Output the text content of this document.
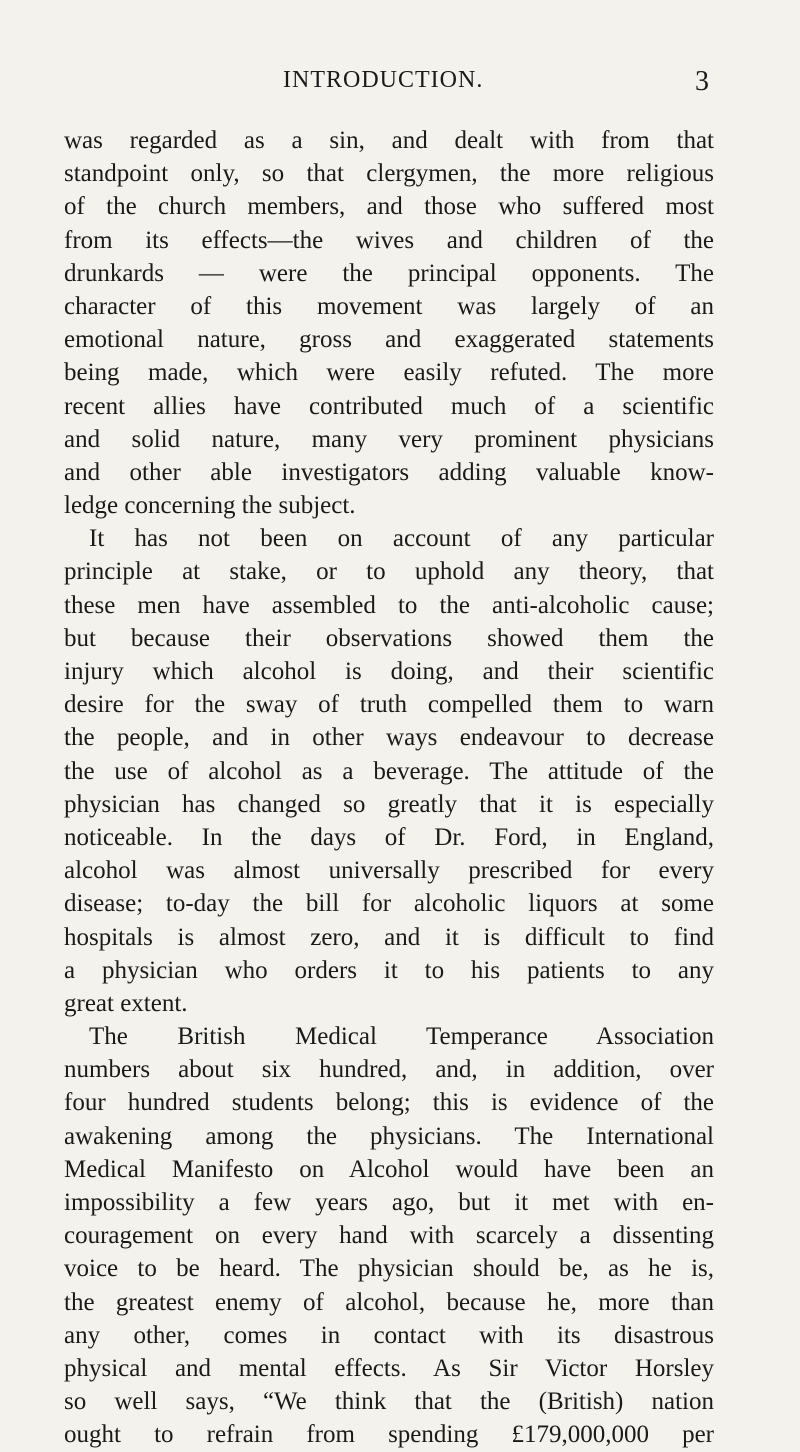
INTRODUCTION.	3
was regarded as a sin, and dealt with from that
standpoint only, so that clergymen, the more religious
of the church members, and those who suffered most
from its effects—the wives and children of the
drunkards — were the principal opponents. The
character of this movement was largely of an
emotional nature, gross and exaggerated statements
being made, which were easily refuted. The more
recent allies have contributed much of a scientific
and solid nature, many very prominent physicians
and other able investigators adding valuable know-
ledge concerning the subject.
It has not been on account of any particular
principle at stake, or to uphold any theory, that
these men have assembled to the anti-alcoholic cause;
but because their observations showed them the
injury which alcohol is doing, and their scientific
desire for the sway of truth compelled them to warn
the people, and in other ways endeavour to decrease
the use of alcohol as a beverage. The attitude of the
physician has changed so greatly that it is especially
noticeable. In the days of Dr. Ford, in England,
alcohol was almost universally prescribed for every
disease; to-day the bill for alcoholic liquors at some
hospitals is almost zero, and it is difficult to find
a physician who orders it to his patients to any
great extent.
The British Medical Temperance Association
numbers about six hundred, and, in addition, over
four hundred students belong; this is evidence of the
awakening among the physicians. The International
Medical Manifesto on Alcohol would have been an
impossibility a few years ago, but it met with en-
couragement on every hand with scarcely a dissenting
voice to be heard. The physician should be, as he is,
the greatest enemy of alcohol, because he, more than
any other, comes in contact with its disastrous
physical and mental effects. As Sir Victor Horsley
so well says, “We think that the (British) nation
ought to refrain from spending £179,000,000 per
